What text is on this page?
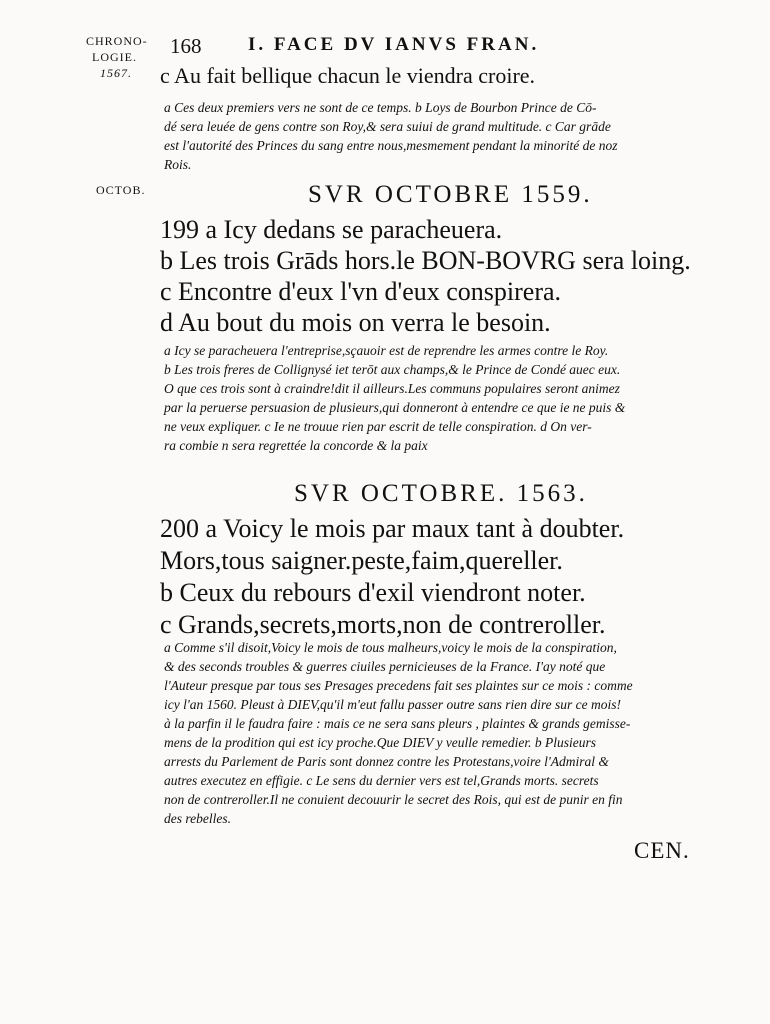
CHRONO-
LOGIE.
1567.
OCTOB.
168 I. FACE DV IANVS FRAN.
c Au fait bellique chacun le viendra croire.
a Ces deux premiers vers ne sont de ce temps. b Loys de Bourbon Prince de Cō-
dé sera leuée de gens contre son Roy,& sera suiui de grand multitude. c Car grāde
est l'autorité des Princes du sang entre nous,mesmement pendant la minorité de noz
Rois.
SVR OCTOBRE 1559.
199 a Icy dedans se paracheuera.
b Les trois Grāds hors.le BON-BOVRG sera loing.
c Encontre d'eux l'vn d'eux conspirera.
d Au bout du mois on verra le besoin.
a Icy se paracheuera l'entreprise,sçauoir est de reprendre les armes contre le Roy.
b Les trois freres de Collignysé iet terōt aux champs,& le Prince de Condé auec eux.
O que ces trois sont à craindre!dit il ailleurs.Les communs populaires seront animez
par la peruerse persuasion de plusieurs,qui donneront à entendre ce que ie ne puis &
ne veux expliquer. c Ie ne trouue rien par escrit de telle conspiration. d On ver-
ra combie n sera regrettée la concorde & la paix
SVR OCTOBRE. 1563.
200 a Voicy le mois par maux tant à doubter.
Mors,tous saigner.peste,faim,quereller.
b Ceux du rebours d'exil viendront noter.
c Grands,secrets,morts,non de contreroller.
a Comme s'il disoit,Voicy le mois de tous malheurs,voicy le mois de la conspiration,
& des seconds troubles & guerres ciuiles pernicieuses de la France. I'ay noté que
l'Auteur presque par tous ses Presages precedens fait ses plaintes sur ce mois : comme
icy l'an 1560. Pleust à DIEV,qu'il m'eut fallu passer outre sans rien dire sur ce mois!
à la parfin il le faudra faire : mais ce ne sera sans pleurs , plaintes & grands gemisse-
mens de la prodition qui est icy proche.Que DIEV y veulle remedier. b Plusieurs
arrests du Parlement de Paris sont donnez contre les Protestans,voire l'Admiral &
autres executez en effigie. c Le sens du dernier vers est tel,Grands morts. secrets
non de contreroller.Il ne conuient decouurir le secret des Rois, qui est de punir en fin
des rebelles.
CEN.
